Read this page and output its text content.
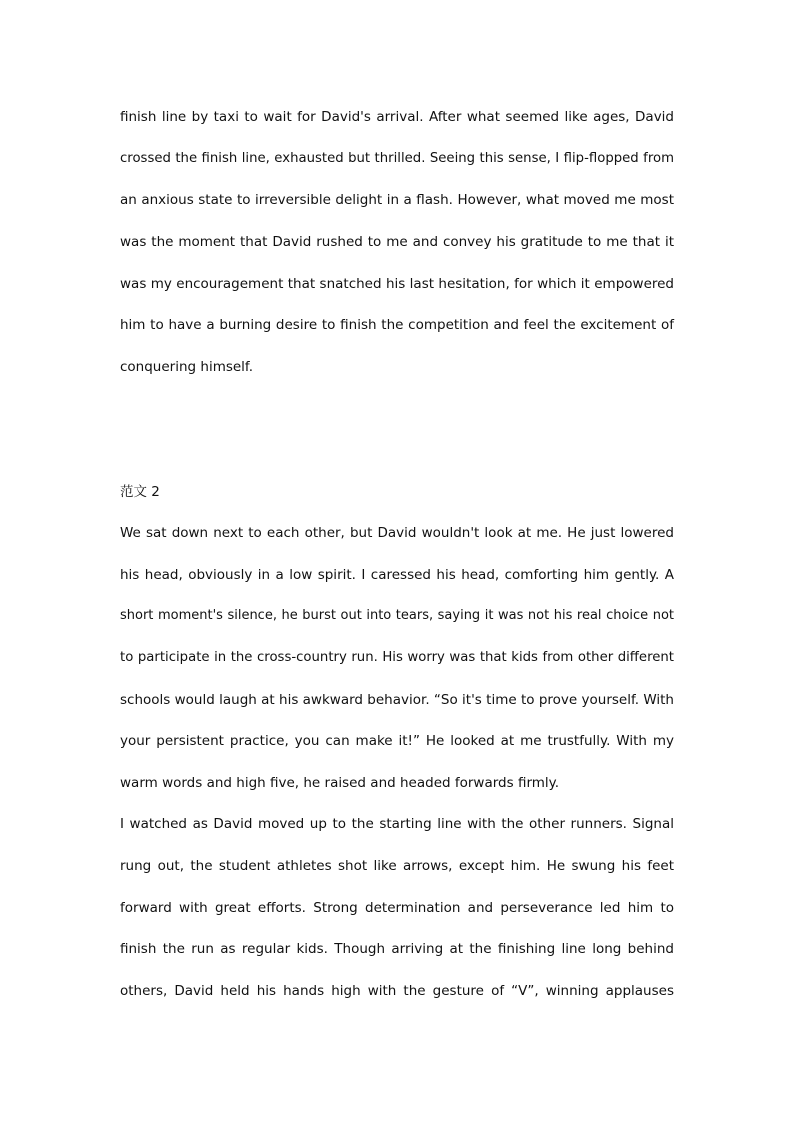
finish line by taxi to wait for David's arrival. After what seemed like ages, David
crossed the finish line, exhausted but thrilled. Seeing this sense, I flip-flopped from
an anxious state to irreversible delight in a flash. However, what moved me most
was the moment that David rushed to me and convey his gratitude to me that it
was my encouragement that snatched his last hesitation, for which it empowered
him to have a burning desire to finish the competition and feel the excitement of
conquering himself.
范文 2
We sat down next to each other, but David wouldn't look at me. He just lowered
his head, obviously in a low spirit. I caressed his head, comforting him gently. A
short moment's silence, he burst out into tears, saying it was not his real choice not
to participate in the cross-country run. His worry was that kids from other different
schools would laugh at his awkward behavior. “So it's time to prove yourself. With
your persistent practice, you can make it!” He looked at me trustfully. With my
warm words and high five, he raised and headed forwards firmly.
I watched as David moved up to the starting line with the other runners. Signal
rung out, the student athletes shot like arrows, except him. He swung his feet
forward with great efforts. Strong determination and perseverance led him to
finish the run as regular kids. Though arriving at the finishing line long behind
others, David held his hands high with the gesture of “V”, winning applauses
